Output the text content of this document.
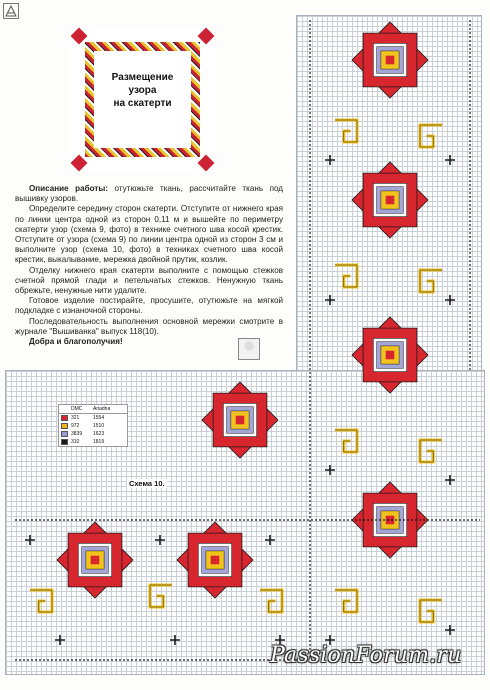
Размещение
узора
на скатерти

Описание работы: отутюжьте ткань, рассчитайте ткань под вышивку узоров.

Определите середину сторон скатерти. Отступите от нижнего края по линии центра одной из сторон 0,11 м и вышейте по периметру скатерти узор (схема 9, фото) в технике счетного шва косой крестик. Отступите от узора (схема 9) по линии центра одной из сторон 3 см и выполните узор (схема 10, фото) в техниках счетного шва косой крестик, выкалывание, мережка двойной прутик, козлик.

Отделку нижнего края скатерти выполните с помощью стежков счетной прямой глади и петельчатых стежков. Ненужную ткань обрежьте, ненужные нити удалите.

Готовое изделие постирайте, просушите, отутюжьте на мягкой подкладке с изнаночной стороны.

Последовательность выполнения основной мережки смотрите в журнале "Вышиванка" выпуск 118(10).

Добра и благополучия!

DMC	Ariadna
321	1554
972	1510
3839	1623
310	1819
Схема 10.
PassionForum.ru
